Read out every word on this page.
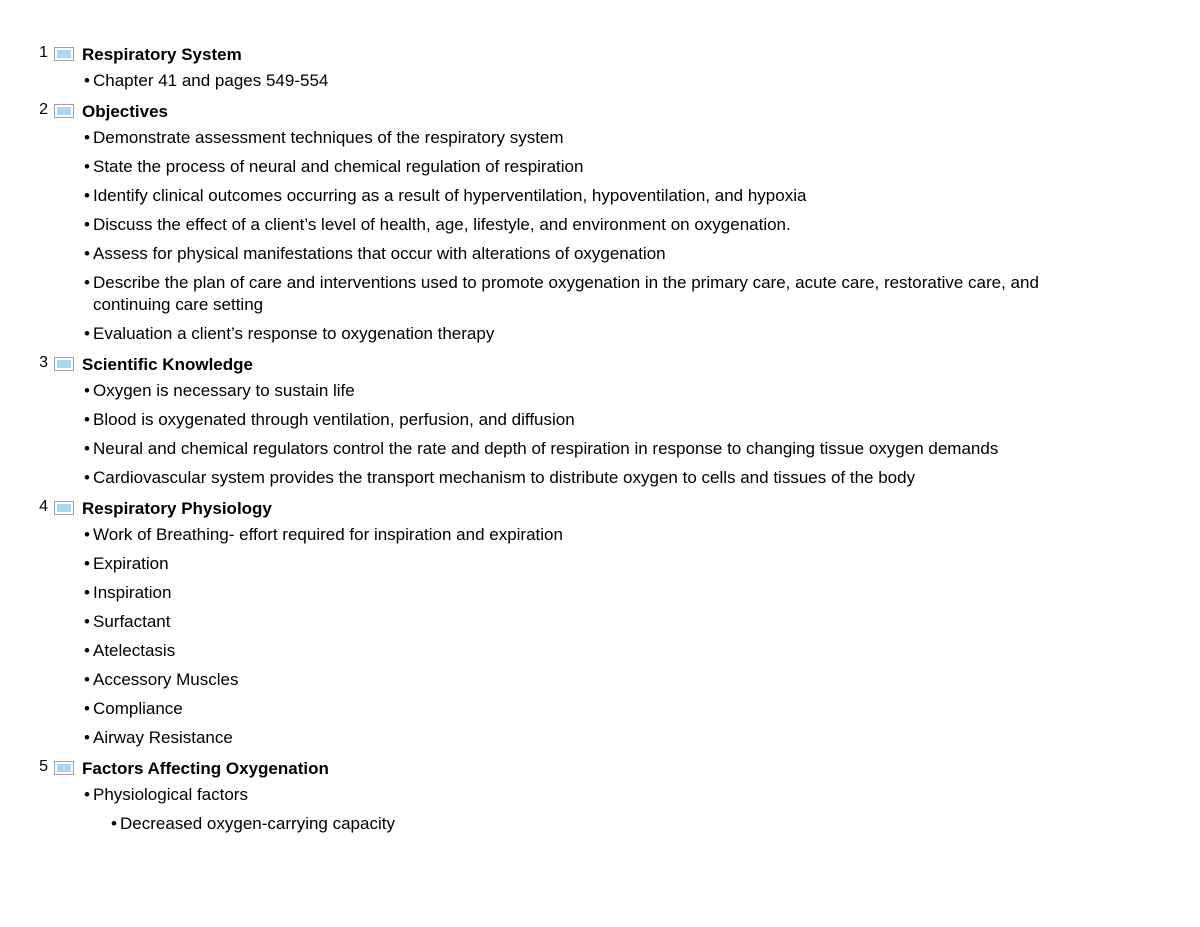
1 Respiratory System
• Chapter 41 and pages 549-554
2 Objectives
• Demonstrate assessment techniques of the respiratory system
• State the process of neural and chemical regulation of respiration
• Identify clinical outcomes occurring as a result of hyperventilation, hypoventilation, and hypoxia
• Discuss the effect of a client’s level of health, age, lifestyle, and environment on oxygenation.
• Assess for physical manifestations that occur with alterations of oxygenation
• Describe the plan of care and interventions used to promote oxygenation in the primary care, acute care, restorative care, and continuing care setting
• Evaluation a client’s response to oxygenation therapy
3 Scientific Knowledge
• Oxygen is necessary to sustain life
• Blood is oxygenated through ventilation, perfusion, and diffusion
• Neural and chemical regulators control the rate and depth of respiration in response to changing tissue oxygen demands
• Cardiovascular system provides the transport mechanism to distribute oxygen to cells and tissues of the body
4 Respiratory Physiology
• Work of Breathing- effort required for inspiration and expiration
• Expiration
• Inspiration
• Surfactant
• Atelectasis
• Accessory Muscles
• Compliance
• Airway Resistance
5 Factors Affecting Oxygenation
• Physiological factors
• Decreased oxygen-carrying capacity
